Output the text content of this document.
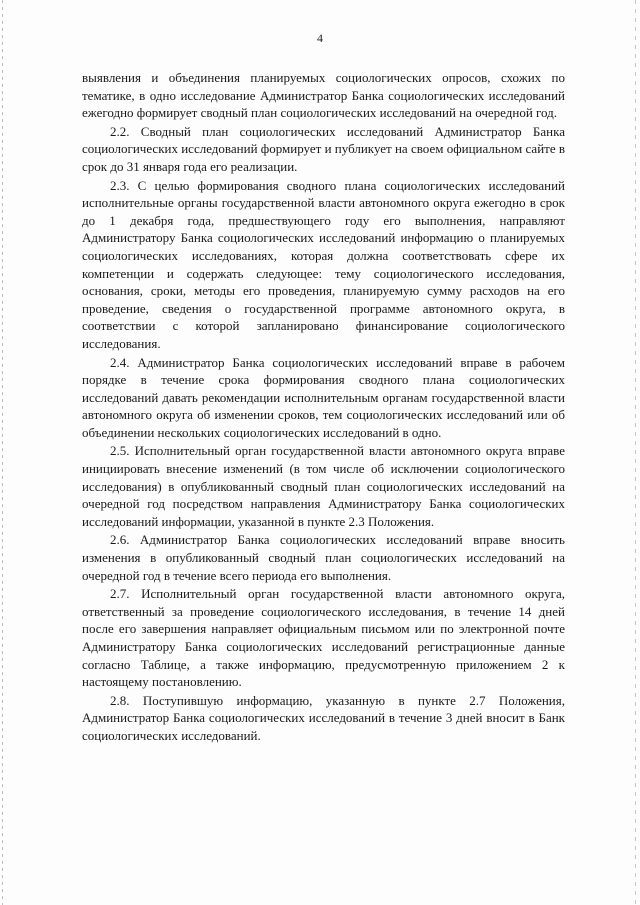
4

выявления и объединения планируемых социологических опросов, схожих по тематике, в одно исследование Администратор Банка социологических исследований ежегодно формирует сводный план социологических исследований на очередной год.

2.2. Сводный план социологических исследований Администратор Банка социологических исследований формирует и публикует на своем официальном сайте в срок до 31 января года его реализации.

2.3. С целью формирования сводного плана социологических исследований исполнительные органы государственной власти автономного округа ежегодно в срок до 1 декабря года, предшествующего году его выполнения, направляют Администратору Банка социологических исследований информацию о планируемых социологических исследованиях, которая должна соответствовать сфере их компетенции и содержать следующее: тему социологического исследования, основания, сроки, методы его проведения, планируемую сумму расходов на его проведение, сведения о государственной программе автономного округа, в соответствии с которой запланировано финансирование социологического исследования.

2.4. Администратор Банка социологических исследований вправе в рабочем порядке в течение срока формирования сводного плана социологических исследований давать рекомендации исполнительным органам государственной власти автономного округа об изменении сроков, тем социологических исследований или об объединении нескольких социологических исследований в одно.

2.5. Исполнительный орган государственной власти автономного округа вправе инициировать внесение изменений (в том числе об исключении социологического исследования) в опубликованный сводный план социологических исследований на очередной год посредством направления Администратору Банка социологических исследований информации, указанной в пункте 2.3 Положения.

2.6. Администратор Банка социологических исследований вправе вносить изменения в опубликованный сводный план социологических исследований на очередной год в течение всего периода его выполнения.

2.7. Исполнительный орган государственной власти автономного округа, ответственный за проведение социологического исследования, в течение 14 дней после его завершения направляет официальным письмом или по электронной почте Администратору Банка социологических исследований регистрационные данные согласно Таблице, а также информацию, предусмотренную приложением 2 к настоящему постановлению.

2.8. Поступившую информацию, указанную в пункте 2.7 Положения, Администратор Банка социологических исследований в течение 3 дней вносит в Банк социологических исследований.
